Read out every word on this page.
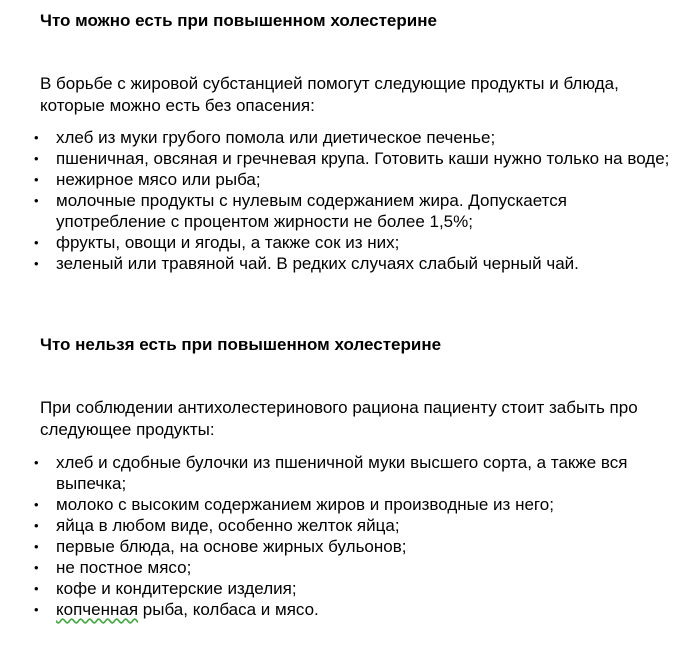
Что можно есть при повышенном холестерине

В борьбе с жировой субстанцией помогут следующие продукты и блюда, которые можно есть без опасения:

• хлеб из муки грубого помола или диетическое печенье;
• пшеничная, овсяная и гречневая крупа. Готовить каши нужно только на воде;
• нежирное мясо или рыба;
• молочные продукты с нулевым содержанием жира. Допускается употребление с процентом жирности не более 1,5%;
• фрукты, овощи и ягоды, а также сок из них;
• зеленый или травяной чай. В редких случаях слабый черный чай.
Что нельзя есть при повышенном холестерине

При соблюдении антихолестеринового рациона пациенту стоит забыть про следующее продукты:

• хлеб и сдобные булочки из пшеничной муки высшего сорта, а также вся выпечка;
• молоко с высоким содержанием жиров и производные из него;
• яйца в любом виде, особенно желток яйца;
• первые блюда, на основе жирных бульонов;
• не постное мясо;
• кофе и кондитерские изделия;
• копченная рыба, колбаса и мясо.
